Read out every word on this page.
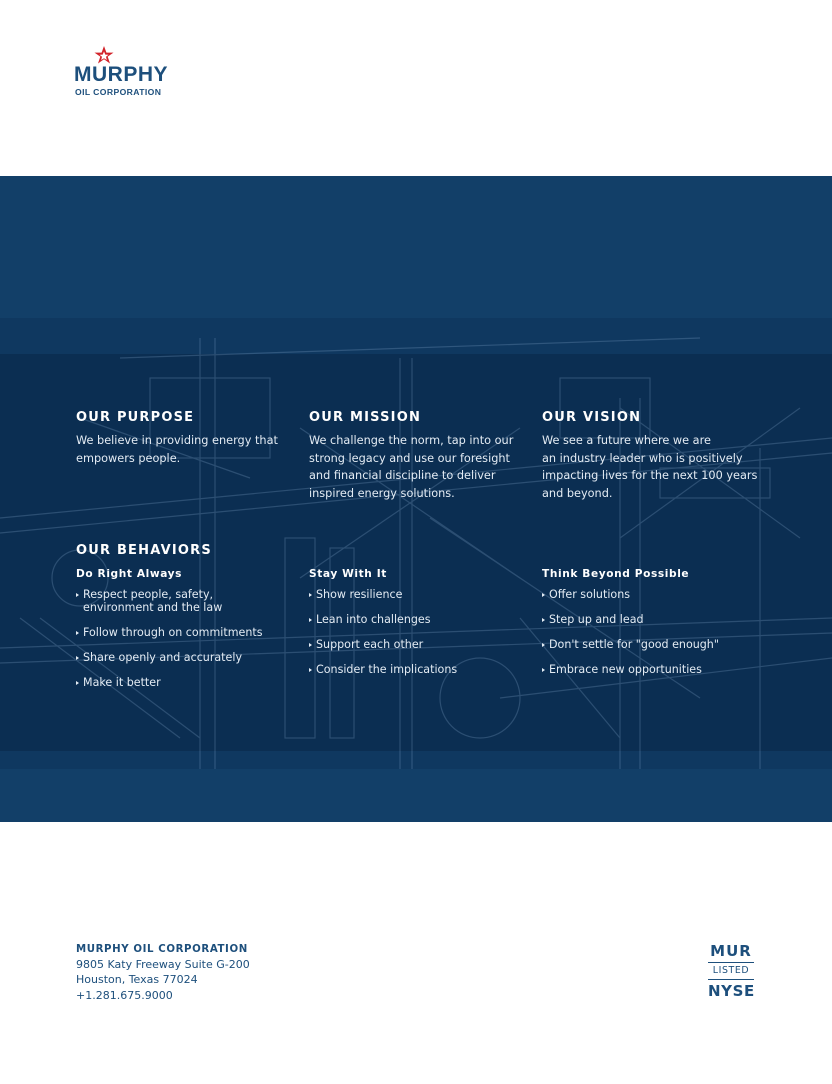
MURPHY
OIL CORPORATION
OUR PURPOSE
We believe in providing energy that
empowers people.
OUR MISSION
We challenge the norm, tap into our
strong legacy and use our foresight
and financial discipline to deliver
inspired energy solutions.
OUR VISION
We see a future where we are
an industry leader who is positively
impacting lives for the next 100 years
and beyond.
OUR BEHAVIORS
Do Right Always
Respect people, safety,
environment and the law
Follow through on commitments
Share openly and accurately
Make it better
Stay With It
Show resilience
Lean into challenges
Support each other
Consider the implications
Think Beyond Possible
Offer solutions
Step up and lead
Don't settle for "good enough"
Embrace new opportunities
MURPHY OIL CORPORATION
9805 Katy Freeway Suite G-200
Houston, Texas 77024
+1.281.675.9000
MUR
LISTED
NYSE
